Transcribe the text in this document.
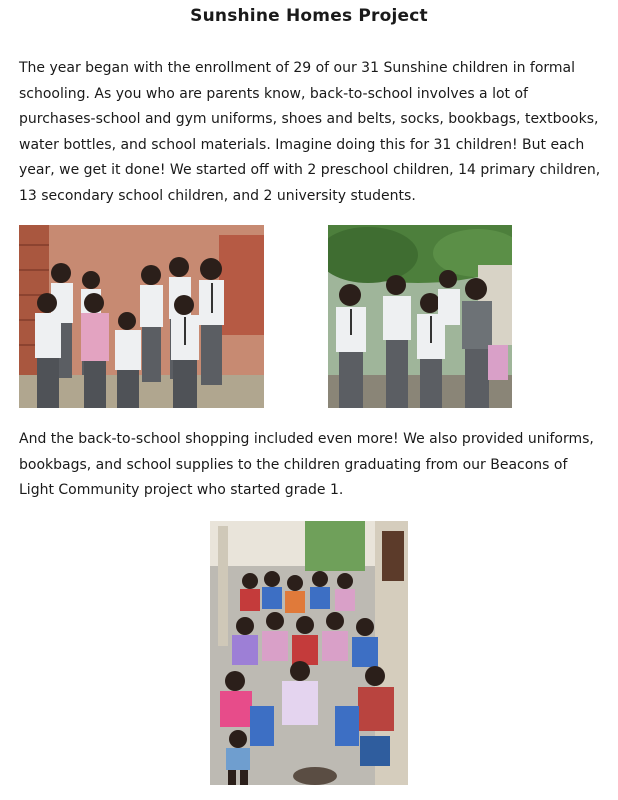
Sunshine Homes Project
The year began with the enrollment of 29 of our 31 Sunshine children in formal schooling. As you who are parents know, back-to-school involves a lot of purchases-school and gym uniforms, shoes and belts, socks, bookbags, textbooks, water bottles, and school materials. Imagine doing this for 31 children! But each year, we get it done! We started off with 2 preschool children, 14 primary children, 13 secondary school children, and 2 university students.
And the back-to-school shopping included even more! We also provided uniforms, bookbags, and school supplies to the children graduating from our Beacons of Light Community project who started grade 1.
